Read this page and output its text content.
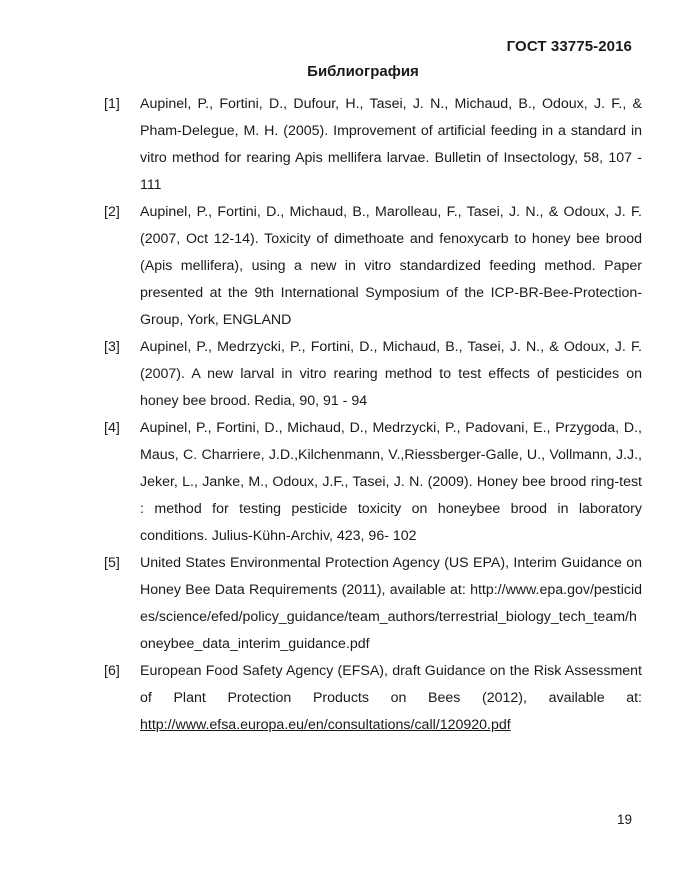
ГОСТ 33775-2016
Библиография
[1] Aupinel, P., Fortini, D., Dufour, H., Tasei, J. N., Michaud, B., Odoux, J. F., & Pham-Delegue, M. H. (2005). Improvement of artificial feeding in a standard in vitro method for rearing Apis mellifera larvae. Bulletin of Insectology, 58, 107 - 111
[2] Aupinel, P., Fortini, D., Michaud, B., Marolleau, F., Tasei, J. N., & Odoux, J. F. (2007, Oct 12-14). Toxicity of dimethoate and fenoxycarb to honey bee brood (Apis mellifera), using a new in vitro standardized feeding method. Paper presented at the 9th International Symposium of the ICP-BR-Bee-Protection-Group, York, ENGLAND
[3] Aupinel, P., Medrzycki, P., Fortini, D., Michaud, B., Tasei, J. N., & Odoux, J. F. (2007). A new larval in vitro rearing method to test effects of pesticides on honey bee brood. Redia, 90, 91 - 94
[4] Aupinel, P., Fortini, D., Michaud, D., Medrzycki, P., Padovani, E., Przygoda, D., Maus, C. Charriere, J.D.,Kilchenmann, V.,Riessberger-Galle, U., Vollmann, J.J., Jeker, L., Janke, M., Odoux, J.F., Tasei, J. N. (2009). Honey bee brood ring-test : method for testing pesticide toxicity on honeybee brood in laboratory conditions. Julius-Kühn-Archiv, 423, 96- 102
[5] United States Environmental Protection Agency (US EPA), Interim Guidance on Honey Bee Data Requirements (2011), available at: http://www.epa.gov/pesticides/science/efed/policy_guidance/team_authors/terrestrial_biology_tech_team/honeybee_data_interim_guidance.pdf
[6] European Food Safety Agency (EFSA), draft Guidance on the Risk Assessment of Plant Protection Products on Bees (2012), available at: http://www.efsa.europa.eu/en/consultations/call/120920.pdf
19
